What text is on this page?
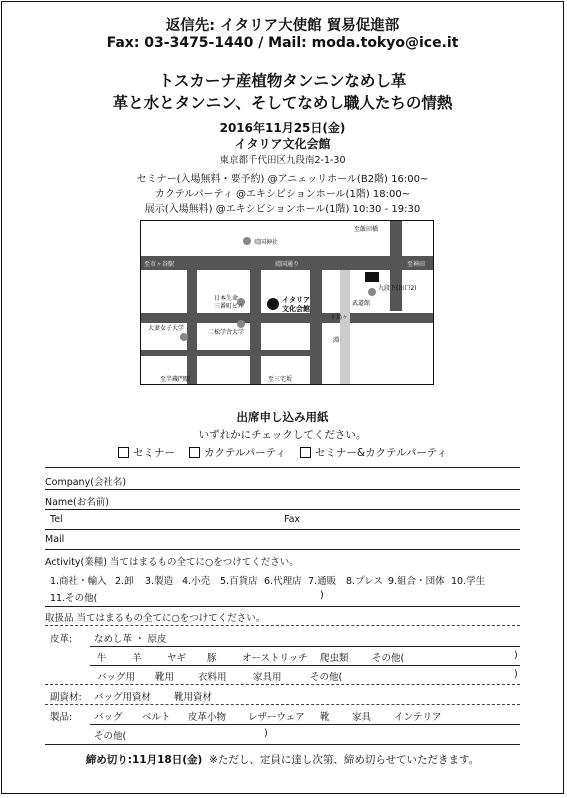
返信先: イタリア大使館 貿易促進部
Fax: 03-3475-1440 / Mail: moda.tokyo@ice.it
トスカーナ産植物タンニンなめし革
革と水とタンニン、そしてなめし職人たちの情熱
2016年11月25日(金)
イタリア文化会館
東京都千代田区九段南2-1-30
セミナー(入場無料・要予約) @アニェッリホール(B2階) 16:00~
カクテルパーティ @エキシビションホール(1階) 18:00~
展示(入場無料) @エキシビションホール(1階) 10:30 - 19:30
靖国神社
至市ヶ谷駅
至飯田橋
至神田
靖国通り
九段下(出口2)
武道館
日本生命
三番町ビル
二松学舎大学
大妻女子大学
イタリア
文化会館
千鳥ヶ
淵
至半蔵門駅	至三宅坂
出席申し込み用紙
いずれかにチェックしてください。
セミナー	カクテルパーティ	セミナー&カクテルパーティ
Company(会社名)
Name(お名前)
Tel	Fax
Mail
Activity(業種) 当てはまるもの全てに○をつけてください。
1.商社・輸入 2.卸 3.製造 4.小売 5.百貨店 6.代理店 7.通販 8.プレス 9.組合・団体 10.学生
11.その他(	)
取扱品 当てはまるもの全てに○をつけてください。
皮革: なめし革 ・ 原皮
牛	羊	ヤギ 豚	オーストリッチ 爬虫類 その他(	)
バッグ用 靴用	衣料用	家具用	その他(	)
副資材: バッグ用資材 靴用資材
製品: バッグ ベルト 皮革小物 レザーウェア 靴 家具 インテリア
その他(	)
締め切り:11月18日(金) ※ただし、定員に達し次第、締め切らせていただきます。
